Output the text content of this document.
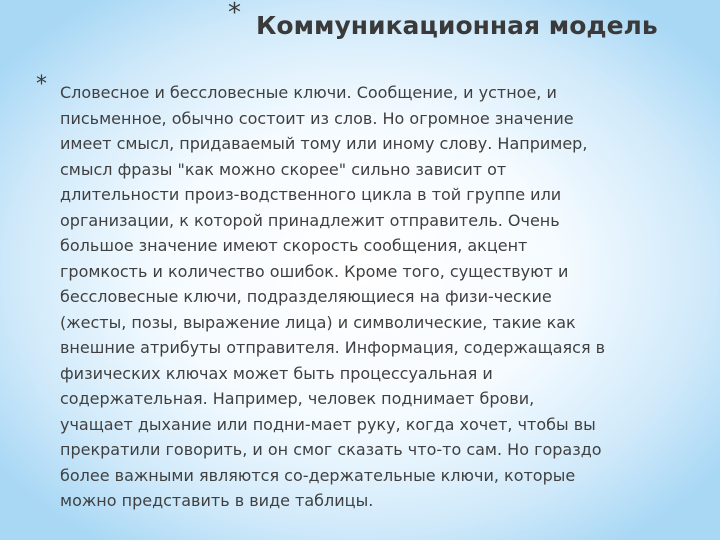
* Коммуникационная модель
* Словесное и бессловесные ключи. Сообщение, и устное, и
письменное, обычно состоит из слов. Но огромное значение
имеет смысл, придаваемый тому или иному слову. Например,
смысл фразы "как можно скорее" сильно зависит от
длительности произ-водственного цикла в той группе или
организации, к которой принадлежит отправитель. Очень
большое значение имеют скорость сообщения, акцент
громкость и количество ошибок. Кроме того, существуют и
бессловесные ключи, подразделяющиеся на физи-ческие
(жесты, позы, выражение лица) и символические, такие как
внешние атрибуты отправителя. Информация, содержащаяся в
физических ключах может быть процессуальная и
содержательная. Например, человек поднимает брови,
учащает дыхание или подни-мает руку, когда хочет, чтобы вы
прекратили говорить, и он смог сказать что-то сам. Но гораздо
более важными являются со-держательные ключи, которые
можно представить в виде таблицы.
